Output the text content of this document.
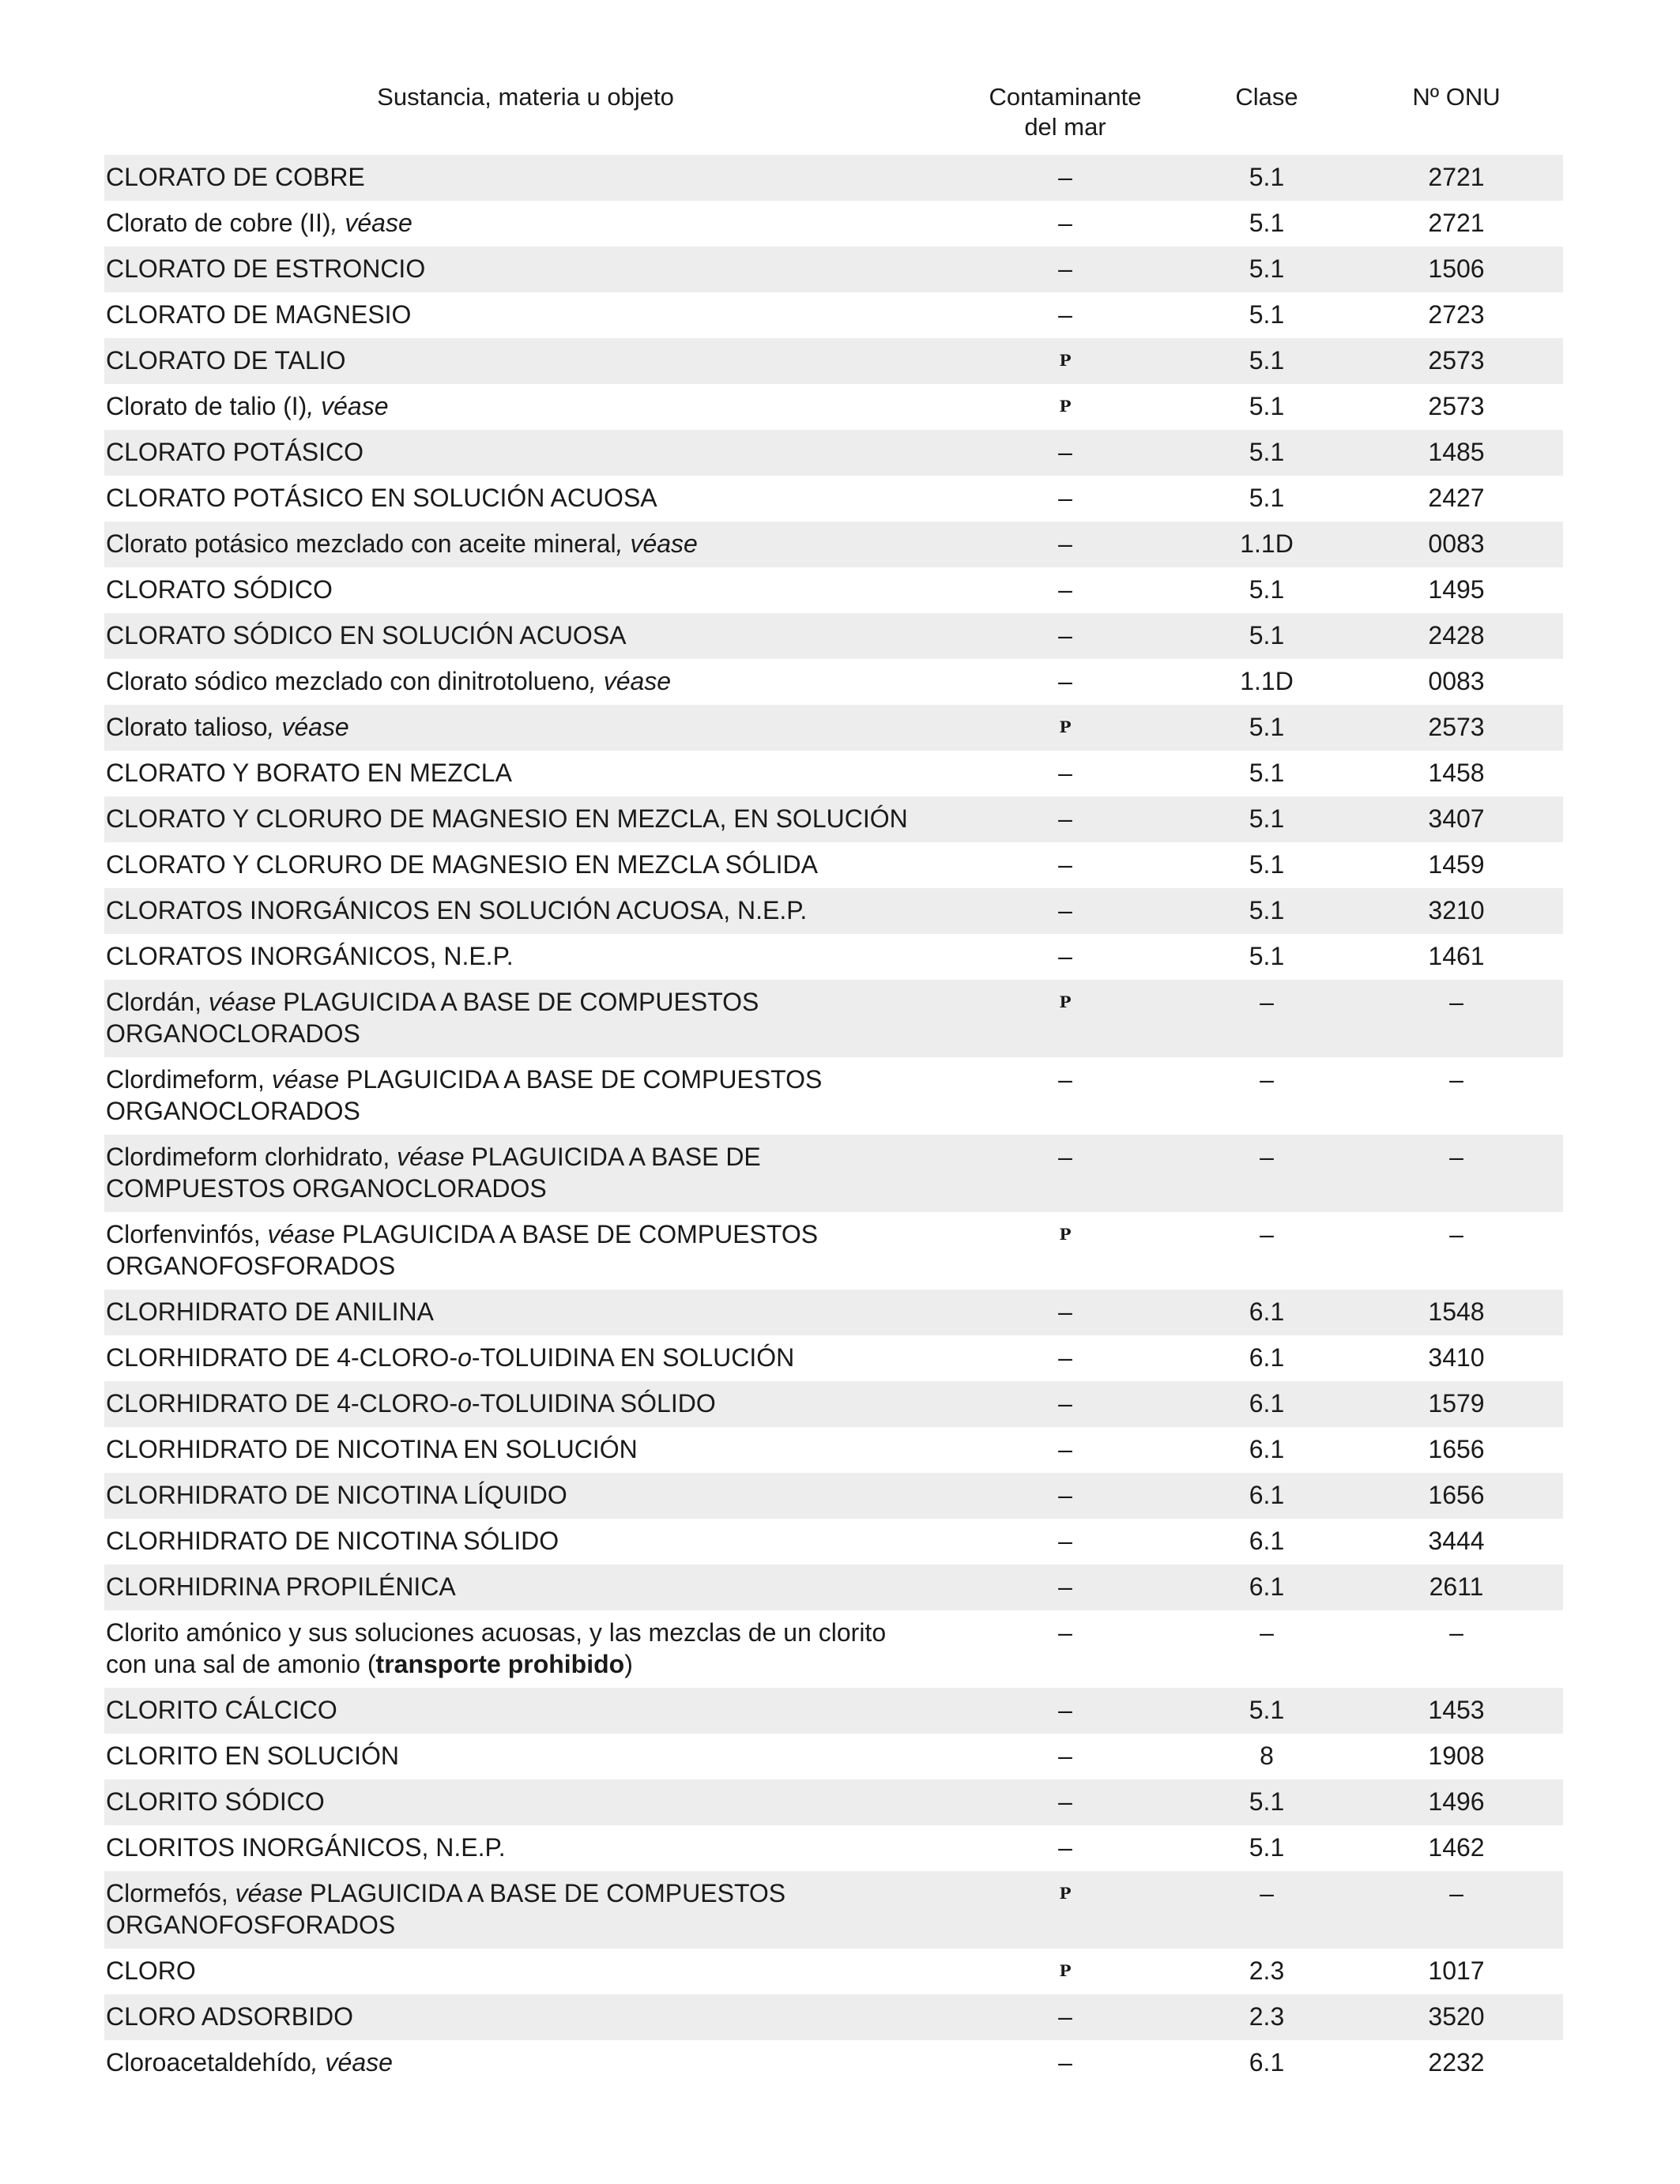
Sustancia, materia u objeto	Contaminante
del mar
Clase	Nº ONU
CLORATO DE COBRE	–	5.1	2721
Clorato de cobre (II), véase	–	5.1	2721
CLORATO DE ESTRONCIO	–	5.1	1506
CLORATO DE MAGNESIO	–	5.1	2723
CLORATO DE TALIO	P	5.1	2573
Clorato de talio (I), véase	P	5.1	2573
CLORATO POTÁSICO	–	5.1	1485
CLORATO POTÁSICO EN SOLUCIÓN ACUOSA	–	5.1	2427
Clorato potásico mezclado con aceite mineral, véase	–	1.1D	0083
CLORATO SÓDICO	–	5.1	1495
CLORATO SÓDICO EN SOLUCIÓN ACUOSA	–	5.1	2428
Clorato sódico mezclado con dinitrotolueno, véase	–	1.1D	0083
Clorato talioso, véase	P	5.1	2573
CLORATO Y BORATO EN MEZCLA	–	5.1	1458
CLORATO Y CLORURO DE MAGNESIO EN MEZCLA, EN SOLUCIÓN	–	5.1	3407
CLORATO Y CLORURO DE MAGNESIO EN MEZCLA SÓLIDA	–	5.1	1459
CLORATOS INORGÁNICOS EN SOLUCIÓN ACUOSA, N.E.P.	–	5.1	3210
CLORATOS INORGÁNICOS, N.E.P.	–	5.1	1461
Clordán, véase PLAGUICIDA A BASE DE COMPUESTOS
ORGANOCLORADOS
P	–	–
Clordimeform, véase PLAGUICIDA A BASE DE COMPUESTOS
ORGANOCLORADOS
–	–	–
Clordimeform clorhidrato, véase PLAGUICIDA A BASE DE
COMPUESTOS ORGANOCLORADOS
–	–	–
Clorfenvinfós, véase PLAGUICIDA A BASE DE COMPUESTOS
ORGANOFOSFORADOS
P	–	–
CLORHIDRATO DE ANILINA	–	6.1	1548
CLORHIDRATO DE 4-CLORO-o-TOLUIDINA EN SOLUCIÓN	–	6.1	3410
CLORHIDRATO DE 4-CLORO-o-TOLUIDINA SÓLIDO	–	6.1	1579
CLORHIDRATO DE NICOTINA EN SOLUCIÓN	–	6.1	1656
CLORHIDRATO DE NICOTINA LÍQUIDO	–	6.1	1656
CLORHIDRATO DE NICOTINA SÓLIDO	–	6.1	3444
CLORHIDRINA PROPILÉNICA	–	6.1	2611
Clorito amónico y sus soluciones acuosas, y las mezclas de un clorito
con una sal de amonio (transporte prohibido)
–	–	–
CLORITO CÁLCICO	–	5.1	1453
CLORITO EN SOLUCIÓN	–	8	1908
CLORITO SÓDICO	–	5.1	1496
CLORITOS INORGÁNICOS, N.E.P.	–	5.1	1462
Clormefós, véase PLAGUICIDA A BASE DE COMPUESTOS
ORGANOFOSFORADOS
P	–	–
CLORO	P	2.3	1017
CLORO ADSORBIDO	–	2.3	3520
Cloroacetaldehído, véase	–	6.1	2232
